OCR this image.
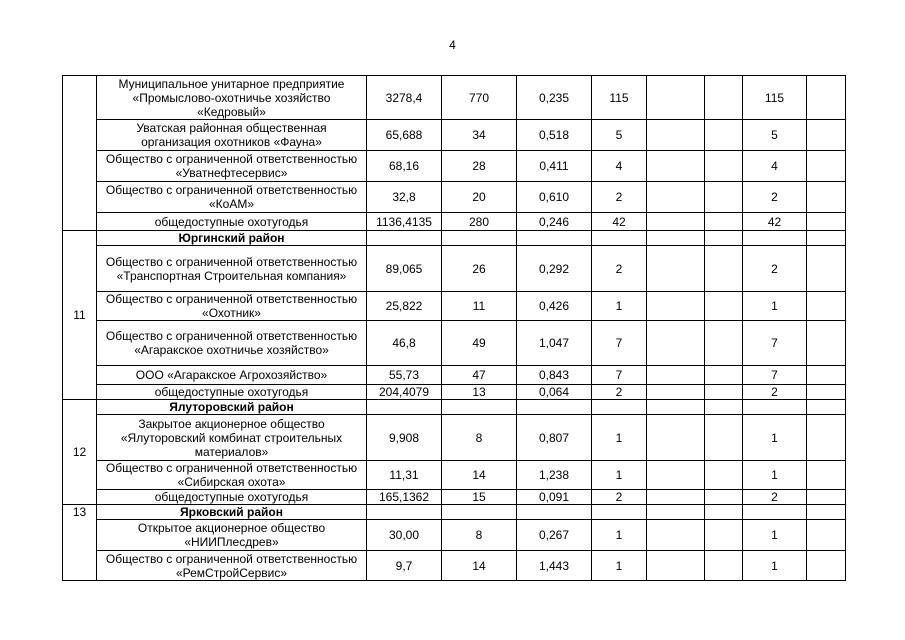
4
	Муниципальное унитарное предприятие «Промыслово-охотничье хозяйство «Кедровый»	3278,4	770	0,235	115			115	
	Уватская районная общественная организация охотников «Фауна»	65,688	34	0,518	5			5	
	Общество с ограниченной ответственностью «Уватнефтесервис»	68,16	28	0,411	4			4	
	Общество с ограниченной ответственностью «КоАМ»	32,8	20	0,610	2			2	
	общедоступные охотугодья	1136,4135	280	0,246	42			42	
11	Юргинский район								
	Общество с ограниченной ответственностью «Транспортная Строительная компания»	89,065	26	0,292	2			2	
	Общество с ограниченной ответственностью «Охотник»	25,822	11	0,426	1			1	
	Общество с ограниченной ответственностью «Агаракское охотничье хозяйство»	46,8	49	1,047	7			7	
	ООО «Агаракское Агрохозяйство»	55,73	47	0,843	7			7	
	общедоступные охотугодья	204,4079	13	0,064	2			2	
12	Ялуторовский район								
	Закрытое акционерное общество «Ялуторовский комбинат строительных материалов»	9,908	8	0,807	1			1	
	Общество с ограниченной ответственностью «Сибирская охота»	11,31	14	1,238	1			1	
	общедоступные охотугодья	165,1362	15	0,091	2			2	
13	Ярковский район								
	Открытое акционерное общество «НИИПлесдрев»	30,00	8	0,267	1			1	
	Общество с ограниченной ответственностью «РемСтройСервис»	9,7	14	1,443	1			1	
